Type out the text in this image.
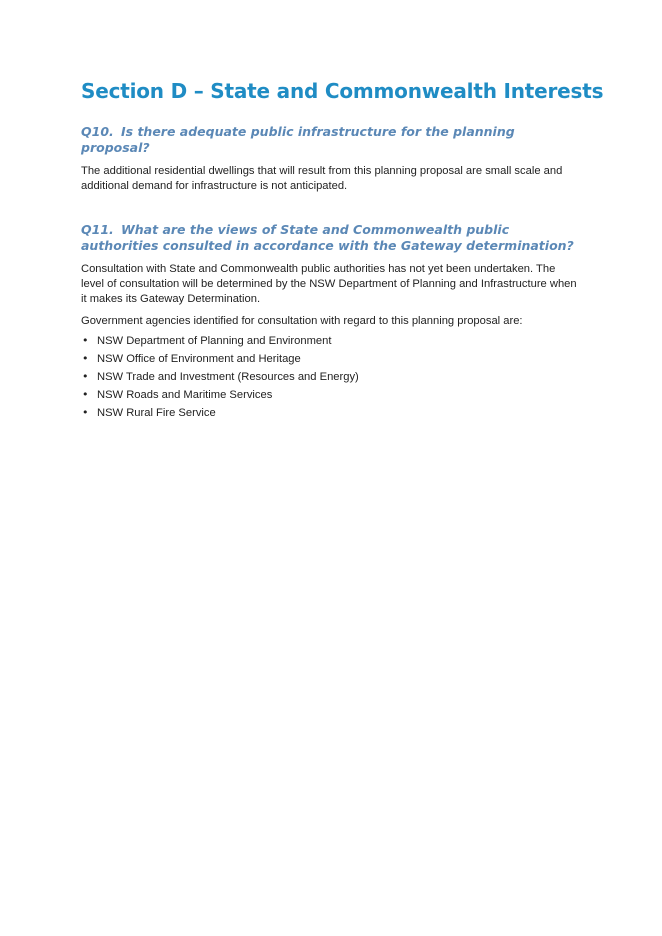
Section D – State and Commonwealth Interests
Q10. Is there adequate public infrastructure for the planning proposal?

The additional residential dwellings that will result from this planning proposal are small scale and additional demand for infrastructure is not anticipated.

Q11. What are the views of State and Commonwealth public authorities consulted in accordance with the Gateway determination?

Consultation with State and Commonwealth public authorities has not yet been undertaken. The level of consultation will be determined by the NSW Department of Planning and Infrastructure when it makes its Gateway Determination.

Government agencies identified for consultation with regard to this planning proposal are:

• NSW Department of Planning and Environment
• NSW Office of Environment and Heritage
• NSW Trade and Investment (Resources and Energy)
• NSW Roads and Maritime Services
• NSW Rural Fire Service
